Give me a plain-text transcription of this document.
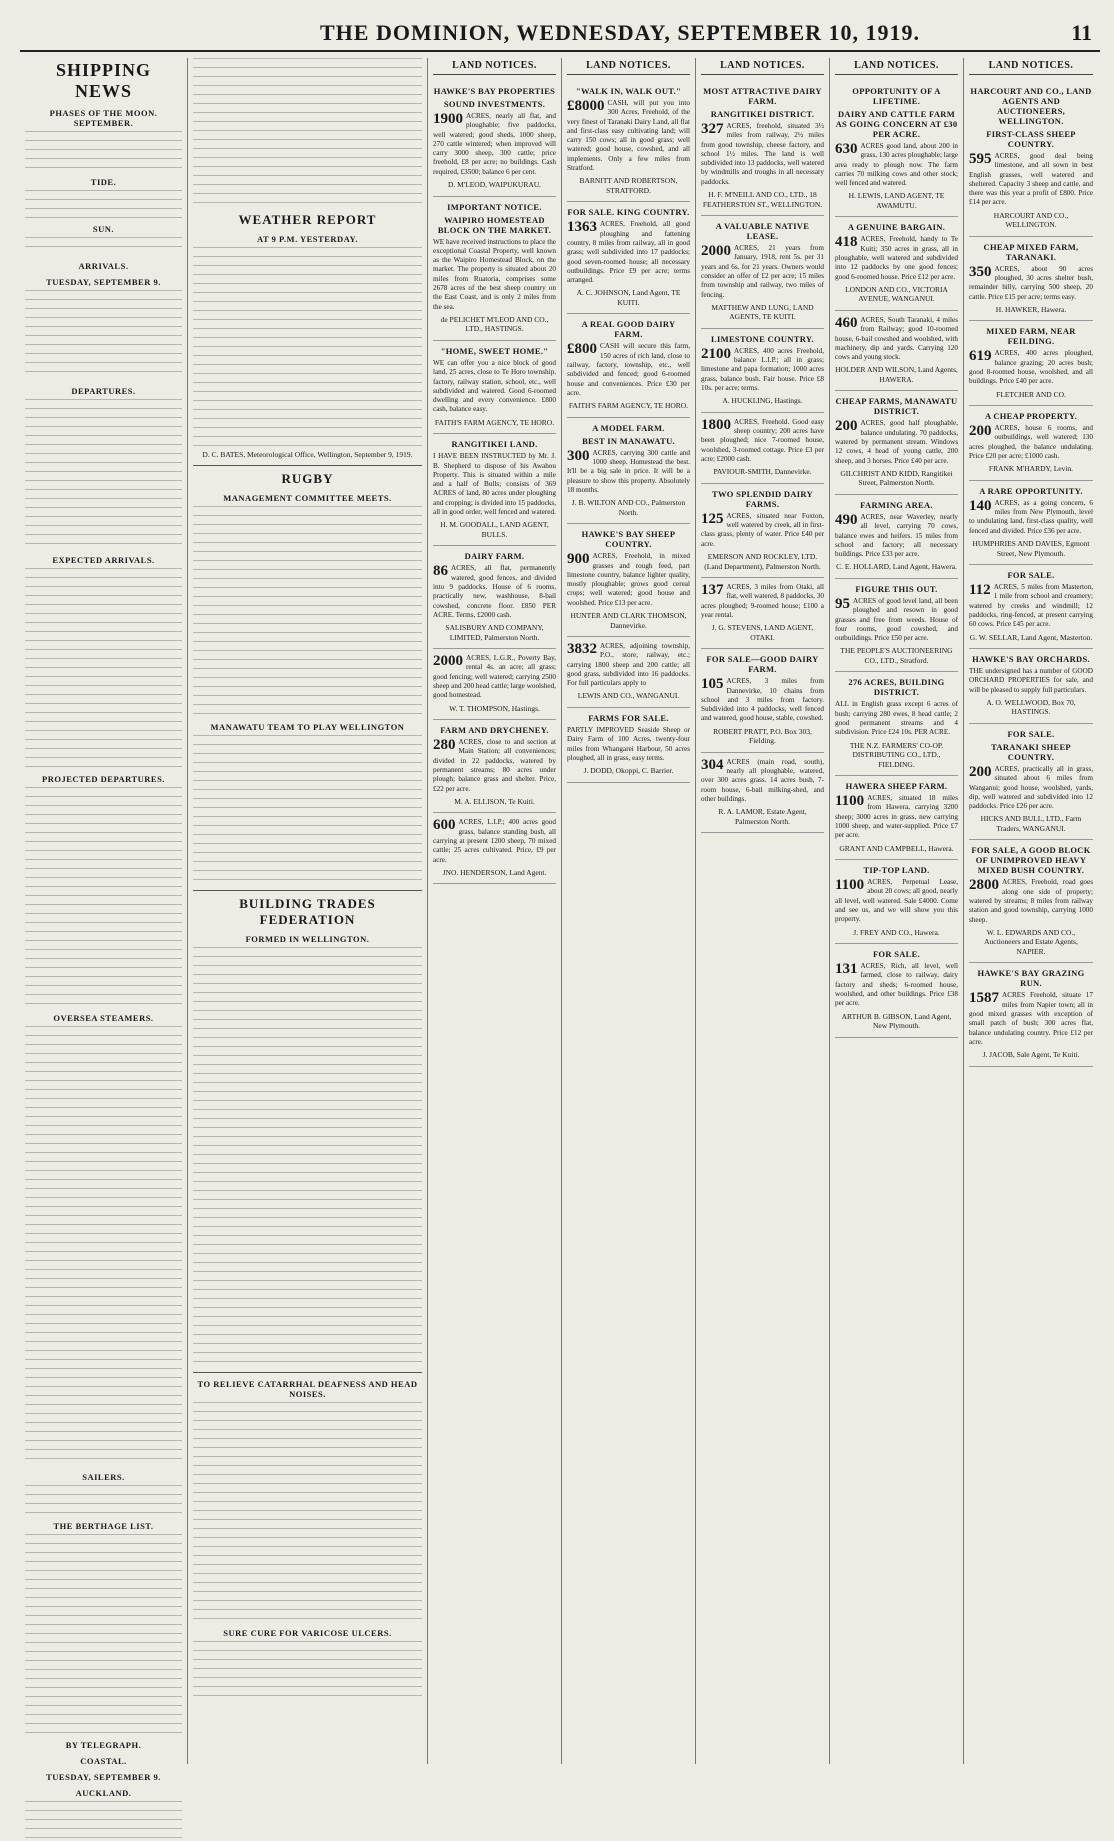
THE DOMINION, WEDNESDAY, SEPTEMBER 10, 1919.	11
SHIPPING NEWS
PHASES OF THE MOON. SEPTEMBER.
TIDE.
SUN.
ARRIVALS.
TUESDAY, SEPTEMBER 9.
DEPARTURES.
EXPECTED ARRIVALS.
PROJECTED DEPARTURES.
OVERSEA STEAMERS.
SAILERS.
THE BERTHAGE LIST.
BY TELEGRAPH.
COASTAL.
TUESDAY, SEPTEMBER 9.
AUCKLAND.
WEATHER REPORT
AT 9 P.M. YESTERDAY.
D. C. BATES, Meteorological Office, Wellington, September 9, 1919.
RUGBY
MANAGEMENT COMMITTEE MEETS.
MANAWATU TEAM TO PLAY WELLINGTON
BUILDING TRADES FEDERATION
FORMED IN WELLINGTON.
TO RELIEVE CATARRHAL DEAFNESS AND HEAD NOISES.
SURE CURE FOR VARICOSE ULCERS.
LAND NOTICES.
HAWKE'S BAY PROPERTIES
SOUND INVESTMENTS.
1900 ACRES, nearly all flat, and ploughable; five paddocks, well watered; good sheds, 1000 sheep, 270 cattle wintered; when improved will carry 3000 sheep, 300 cattle; price freehold, £8 per acre; no buildings. Cash required, £3500; balance 6 per cent.
D. M'LEOD, WAIPUKURAU.
IMPORTANT NOTICE.
WAIPIRO HOMESTEAD BLOCK ON THE MARKET.
WE have received instructions to place the exceptional Coastal Property, well known as the Waipiro Homestead Block, on the market. The property is situated about 20 miles from Ruatoria, comprises some 2678 acres of the best sheep country on the East Coast, and is only 2 miles from the sea.
de PELICHET M'LEOD AND CO., LTD., HASTINGS.
"HOME, SWEET HOME."
WE can offer you a nice block of good land, 25 acres, close to Te Horo township, factory, railway station, school, etc., well subdivided and watered. Good 6-roomed dwelling and every convenience. £800 cash, balance easy.
FAITH'S FARM AGENCY, TE HORO.
RANGITIKEI LAND.
I HAVE BEEN INSTRUCTED by Mr. J. B. Shepherd to dispose of his Awahou Property. This is situated within a mile and a half of Bulls; consists of 369 ACRES of land, 80 acres under ploughing and cropping; is divided into 15 paddocks, all in good order, well fenced and watered.
H. M. GOODALL, LAND AGENT, BULLS.
DAIRY FARM.
86 ACRES, all flat, permanently watered, good fences, and divided into 9 paddocks. House of 6 rooms, practically new, washhouse, 8-bail cowshed, concrete floor. £850 PER ACRE. Terms, £2000 cash.
SALISBURY AND COMPANY, LIMITED, Palmerston North.
2000 ACRES, L.G.R., Poverty Bay, rental 4s. an acre; all grass; good fencing; well watered; carrying 2500 sheep and 200 head cattle; large woolshed, good homestead.
W. T. THOMPSON, Hastings.
FARM AND DRYCHENEY.
280 ACRES, close to and section at Main Station; all conveniences; divided in 22 paddocks, watered by permanent streams; 80 acres under plough; balance grass and shelter. Price, £22 per acre.
M. A. ELLISON, Te Kuiti.
600 ACRES, L.I.P.; 400 acres good grass, balance standing bush, all carrying at present 1200 sheep, 70 mixed cattle; 25 acres cultivated. Price, £9 per acre.
JNO. HENDERSON, Land Agent.
LAND NOTICES.
"WALK IN, WALK OUT."
£8000 CASH, will put you into 300 Acres, Freehold, of the very finest of Taranaki Dairy Land, all flat and first-class easy cultivating land; will carry 150 cows; all in good grass; well watered; good house, cowshed, and all implements. Only a few miles from Stratford.
BARNITT AND ROBERTSON, STRATFORD.
FOR SALE. KING COUNTRY.
1363 ACRES, Freehold, all good ploughing and fattening country, 8 miles from railway, all in good grass; well subdivided into 17 paddocks; good seven-roomed house; all necessary outbuildings. Price £9 per acre; terms arranged.
A. C. JOHNSON, Land Agent, TE KUITI.
A REAL GOOD DAIRY FARM.
£800 CASH will secure this farm, 150 acres of rich land, close to railway, factory, township, etc., well subdivided and fenced; good 6-roomed house and conveniences. Price £30 per acre.
FAITH'S FARM AGENCY, TE HORO.
A MODEL FARM.
BEST IN MANAWATU.
300 ACRES, carrying 300 cattle and 1000 sheep. Homestead the best. It'll be a big sale in price. It will be a pleasure to show this property. Absolutely 18 months.
J. B. WILTON AND CO., Palmerston North.
HAWKE'S BAY SHEEP COUNTRY.
900 ACRES, Freehold, in mixed grasses and rough feed, part limestone country, balance lighter quality, mostly ploughable; grows good cereal crops; well watered; good house and woolshed. Price £13 per acre.
HUNTER AND CLARK THOMSON, Dannevirke.
3832 ACRES, adjoining township, P.O., store, railway, etc.; carrying 1800 sheep and 200 cattle; all good grass, subdivided into 16 paddocks. For full particulars apply to
LEWIS AND CO., WANGANUI.
FARMS FOR SALE.
PARTLY IMPROVED Seaside Sheep or Dairy Farm of 100 Acres, twenty-four miles from Whangarei Harbour, 50 acres ploughed, all in grass, easy terms.
J. DODD, Okoppi, C. Barrier.
LAND NOTICES.
MOST ATTRACTIVE DAIRY FARM.
RANGITIKEI DISTRICT.
327 ACRES, freehold, situated 3½ miles from railway, 2½ miles from good township, cheese factory, and school 1½ miles. The land is well subdivided into 13 paddocks, well watered by windmills and troughs in all necessary paddocks.
H. F. M'NEILL AND CO., LTD., 18 FEATHERSTON ST., WELLINGTON.
A VALUABLE NATIVE LEASE.
2000 ACRES, 21 years from January, 1918, rent 5s. per 31 years and 6s. for 21 years. Owners would consider an offer of £2 per acre; 15 miles from township and railway, two miles of fencing.
MATTHEW AND LUNG, LAND AGENTS, TE KUITI.
LIMESTONE COUNTRY.
2100 ACRES, 400 acres Freehold, balance L.I.P.; all in grass; limestone and papa formation; 1000 acres grass, balance bush. Fair house. Price £8 10s. per acre; terms.
A. HUCKLING, Hastings.
1800 ACRES, Freehold. Good easy sheep country; 200 acres have been ploughed; nice 7-roomed house, woolshed, 3-roomed cottage. Price £3 per acre; £2000 cash.
PAVIOUR-SMITH, Dannevirke.
TWO SPLENDID DAIRY FARMS.
125 ACRES, situated near Foxton, well watered by creek, all in first-class grass, plenty of water. Price £40 per acre.
EMERSON AND ROCKLEY, LTD. (Land Department), Palmerston North.
137 ACRES, 3 miles from Otaki, all flat, well watered, 8 paddocks, 30 acres ploughed; 9-roomed house; £100 a year rental.
J. G. STEVENS, LAND AGENT, OTAKI.
FOR SALE—GOOD DAIRY FARM.
105 ACRES, 3 miles from Dannevirke, 10 chains from school and 3 miles from factory. Subdivided into 4 paddocks, well fenced and watered, good house, stable, cowshed.
ROBERT PRATT, P.O. Box 303, Fielding.
304 ACRES (main road, south), nearly all ploughable, watered, over 300 acres grass. 14 acres bush, 7-room house, 6-bail milking-shed, and other buildings.
R. A. LAMOR, Estate Agent, Palmerston North.
LAND NOTICES.
OPPORTUNITY OF A LIFETIME.
DAIRY AND CATTLE FARM AS GOING CONCERN AT £30 PER ACRE.
630 ACRES good land, about 200 in grass, 130 acres ploughable; large area ready to plough now. The farm carries 70 milking cows and other stock; well fenced and watered.
H. LEWIS, LAND AGENT, TE AWAMUTU.
A GENUINE BARGAIN.
418 ACRES, Freehold, handy to Te Kuiti; 350 acres in grass, all in ploughable, well watered and subdivided into 12 paddocks by one good fences; good 6-roomed house. Price £12 per acre.
LONDON AND CO., VICTORIA AVENUE, WANGANUI.
460 ACRES, South Taranaki, 4 miles from Railway; good 10-roomed house, 6-bail cowshed and woolshed, with machinery, dip and yards. Carrying 120 cows and young stock.
HOLDER AND WILSON, Land Agents, HAWERA.
CHEAP FARMS, MANAWATU DISTRICT.
200 ACRES, good half ploughable, balance undulating. 70 paddocks, watered by permanent stream. Windows 12 cows, 4 head of young cattle, 200 sheep, and 3 horses. Price £40 per acre.
GILCHRIST AND KIDD, Rangitikei Street, Palmerston North.
FARMING AREA.
490 ACRES, near Waverley, nearly all level, carrying 70 cows, balance ewes and heifers. 15 miles from school and factory; all necessary buildings. Price £33 per acre.
C. E. HOLLARD, Land Agent, Hawera.
FIGURE THIS OUT.
95 ACRES of good level land, all been ploughed and resown in good grasses and free from weeds. House of four rooms, good cowshed, and outbuildings. Price £50 per acre.
THE PEOPLE'S AUCTIONEERING CO., LTD., Stratford.
276 ACRES, BUILDING DISTRICT.
ALL in English grass except 6 acres of bush; carrying 280 ewes, 8 head cattle; 2 good permanent streams and 4 subdivision. Price £24 10s. PER ACRE.
THE N.Z. FARMERS' CO-OP. DISTRIBUTING CO., LTD., FIELDING.
HAWERA SHEEP FARM.
1100 ACRES, situated 18 miles from Hawera, carrying 3200 sheep; 3000 acres in grass, new carrying 1000 sheep, and water-supplied. Price £7 per acre.
GRANT AND CAMPBELL, Hawera.
TIP-TOP LAND.
1100 ACRES, Perpetual Lease, about 20 cows; all good, nearly all level, well watered. Sale £4000. Come and see us, and we will show you this property.
J. FREY AND CO., Hawera.
FOR SALE.
131 ACRES, Rich, all level, well farmed, close to railway, dairy factory and sheds; 6-roomed house, woolshed, and other buildings. Price £38 per acre.
ARTHUR B. GIBSON, Land Agent, New Plymouth.
LAND NOTICES.
HARCOURT AND CO., LAND AGENTS AND AUCTIONEERS, WELLINGTON.
FIRST-CLASS SHEEP COUNTRY.
595 ACRES, good deal being limestone, and all sown in best English grasses, well watered and sheltered. Capacity 3 sheep and cattle, and there was this year a profit of £800. Price £14 per acre.
HARCOURT AND CO., WELLINGTON.
CHEAP MIXED FARM, TARANAKI.
350 ACRES, about 90 acres ploughed, 30 acres shelter bush, remainder hilly, carrying 500 sheep, 20 cattle. Price £15 per acre; terms easy.
H. HAWKER, Hawera.
MIXED FARM, NEAR FEILDING.
619 ACRES, 400 acres ploughed, balance grazing; 20 acres bush; good 8-roomed house, woolshed, and all buildings. Price £40 per acre.
FLETCHER AND CO.
A CHEAP PROPERTY.
200 ACRES, house 6 rooms, and outbuildings, well watered; 130 acres ploughed, the balance undulating. Price £20 per acre; £1000 cash.
FRANK M'HARDY, Levin.
A RARE OPPORTUNITY.
140 ACRES, as a going concern, 6 miles from New Plymouth, level to undulating land, first-class quality, well fenced and divided. Price £36 per acre.
HUMPHRIES AND DAVIES, Egmont Street, New Plymouth.
FOR SALE.
112 ACRES, 5 miles from Masterton, 1 mile from school and creamery; watered by creeks and windmill; 12 paddocks, ring-fenced, at present carrying 60 cows. Price £45 per acre.
G. W. SELLAR, Land Agent, Masterton.
HAWKE'S BAY ORCHARDS.
THE undersigned has a number of GOOD ORCHARD PROPERTIES for sale, and will be pleased to supply full particulars.
A. O. WELLWOOD, Box 70, HASTINGS.
FOR SALE.
TARANAKI SHEEP COUNTRY.
200 ACRES, practically all in grass, situated about 6 miles from Wanganui; good house, woolshed, yards, dip, well watered and subdivided into 12 paddocks. Price £26 per acre.
HICKS AND BULL, LTD., Farm Traders, WANGANUI.
FOR SALE, A GOOD BLOCK OF UNIMPROVED HEAVY MIXED BUSH COUNTRY.
2800 ACRES, Freehold, road goes along one side of property; watered by streams; 8 miles from railway station and good township, carrying 1000 sheep.
W. L. EDWARDS AND CO., Auctioneers and Estate Agents, NAPIER.
HAWKE'S BAY GRAZING RUN.
1587 ACRES Freehold, situate 17 miles from Napier town; all in good mixed grasses with exception of small patch of bush; 300 acres flat, balance undulating country. Price £12 per acre.
J. JACOB, Sale Agent, Te Kuiti.
